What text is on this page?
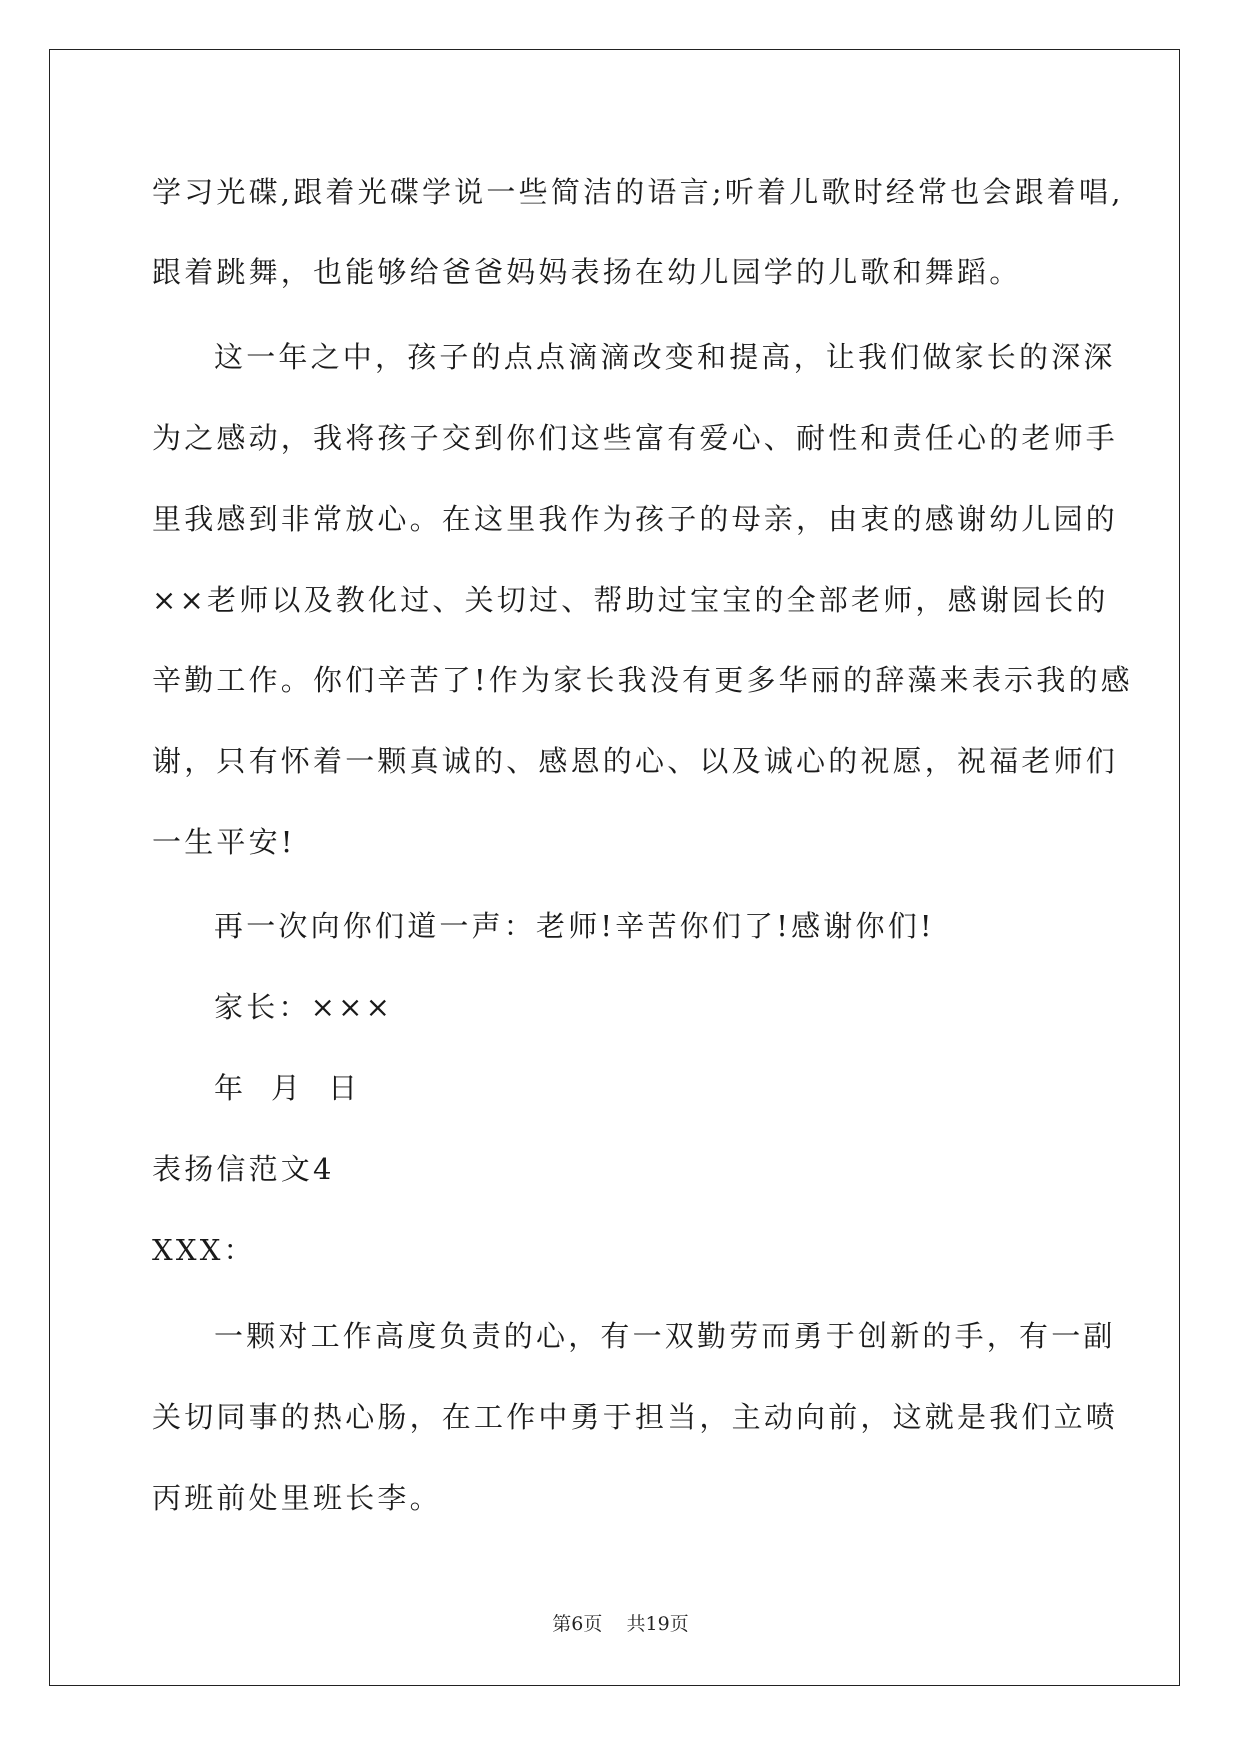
学习光碟,跟着光碟学说一些简洁的语言;听着儿歌时经常也会跟着唱,
跟着跳舞，也能够给爸爸妈妈表扬在幼儿园学的儿歌和舞蹈。
这一年之中，孩子的点点滴滴改变和提高，让我们做家长的深深
为之感动，我将孩子交到你们这些富有爱心、耐性和责任心的老师手
里我感到非常放心。在这里我作为孩子的母亲，由衷的感谢幼儿园的
××老师以及教化过、关切过、帮助过宝宝的全部老师，感谢园长的
辛勤工作。你们辛苦了!作为家长我没有更多华丽的辞藻来表示我的感
谢，只有怀着一颗真诚的、感恩的心、以及诚心的祝愿，祝福老师们
一生平安!
再一次向你们道一声：老师!辛苦你们了!感谢你们!
家长：×××
年  月  日
表扬信范文4
XXX：
一颗对工作高度负责的心，有一双勤劳而勇于创新的手，有一副
关切同事的热心肠，在工作中勇于担当，主动向前，这就是我们立喷
丙班前处里班长李。
第6页    共19页
